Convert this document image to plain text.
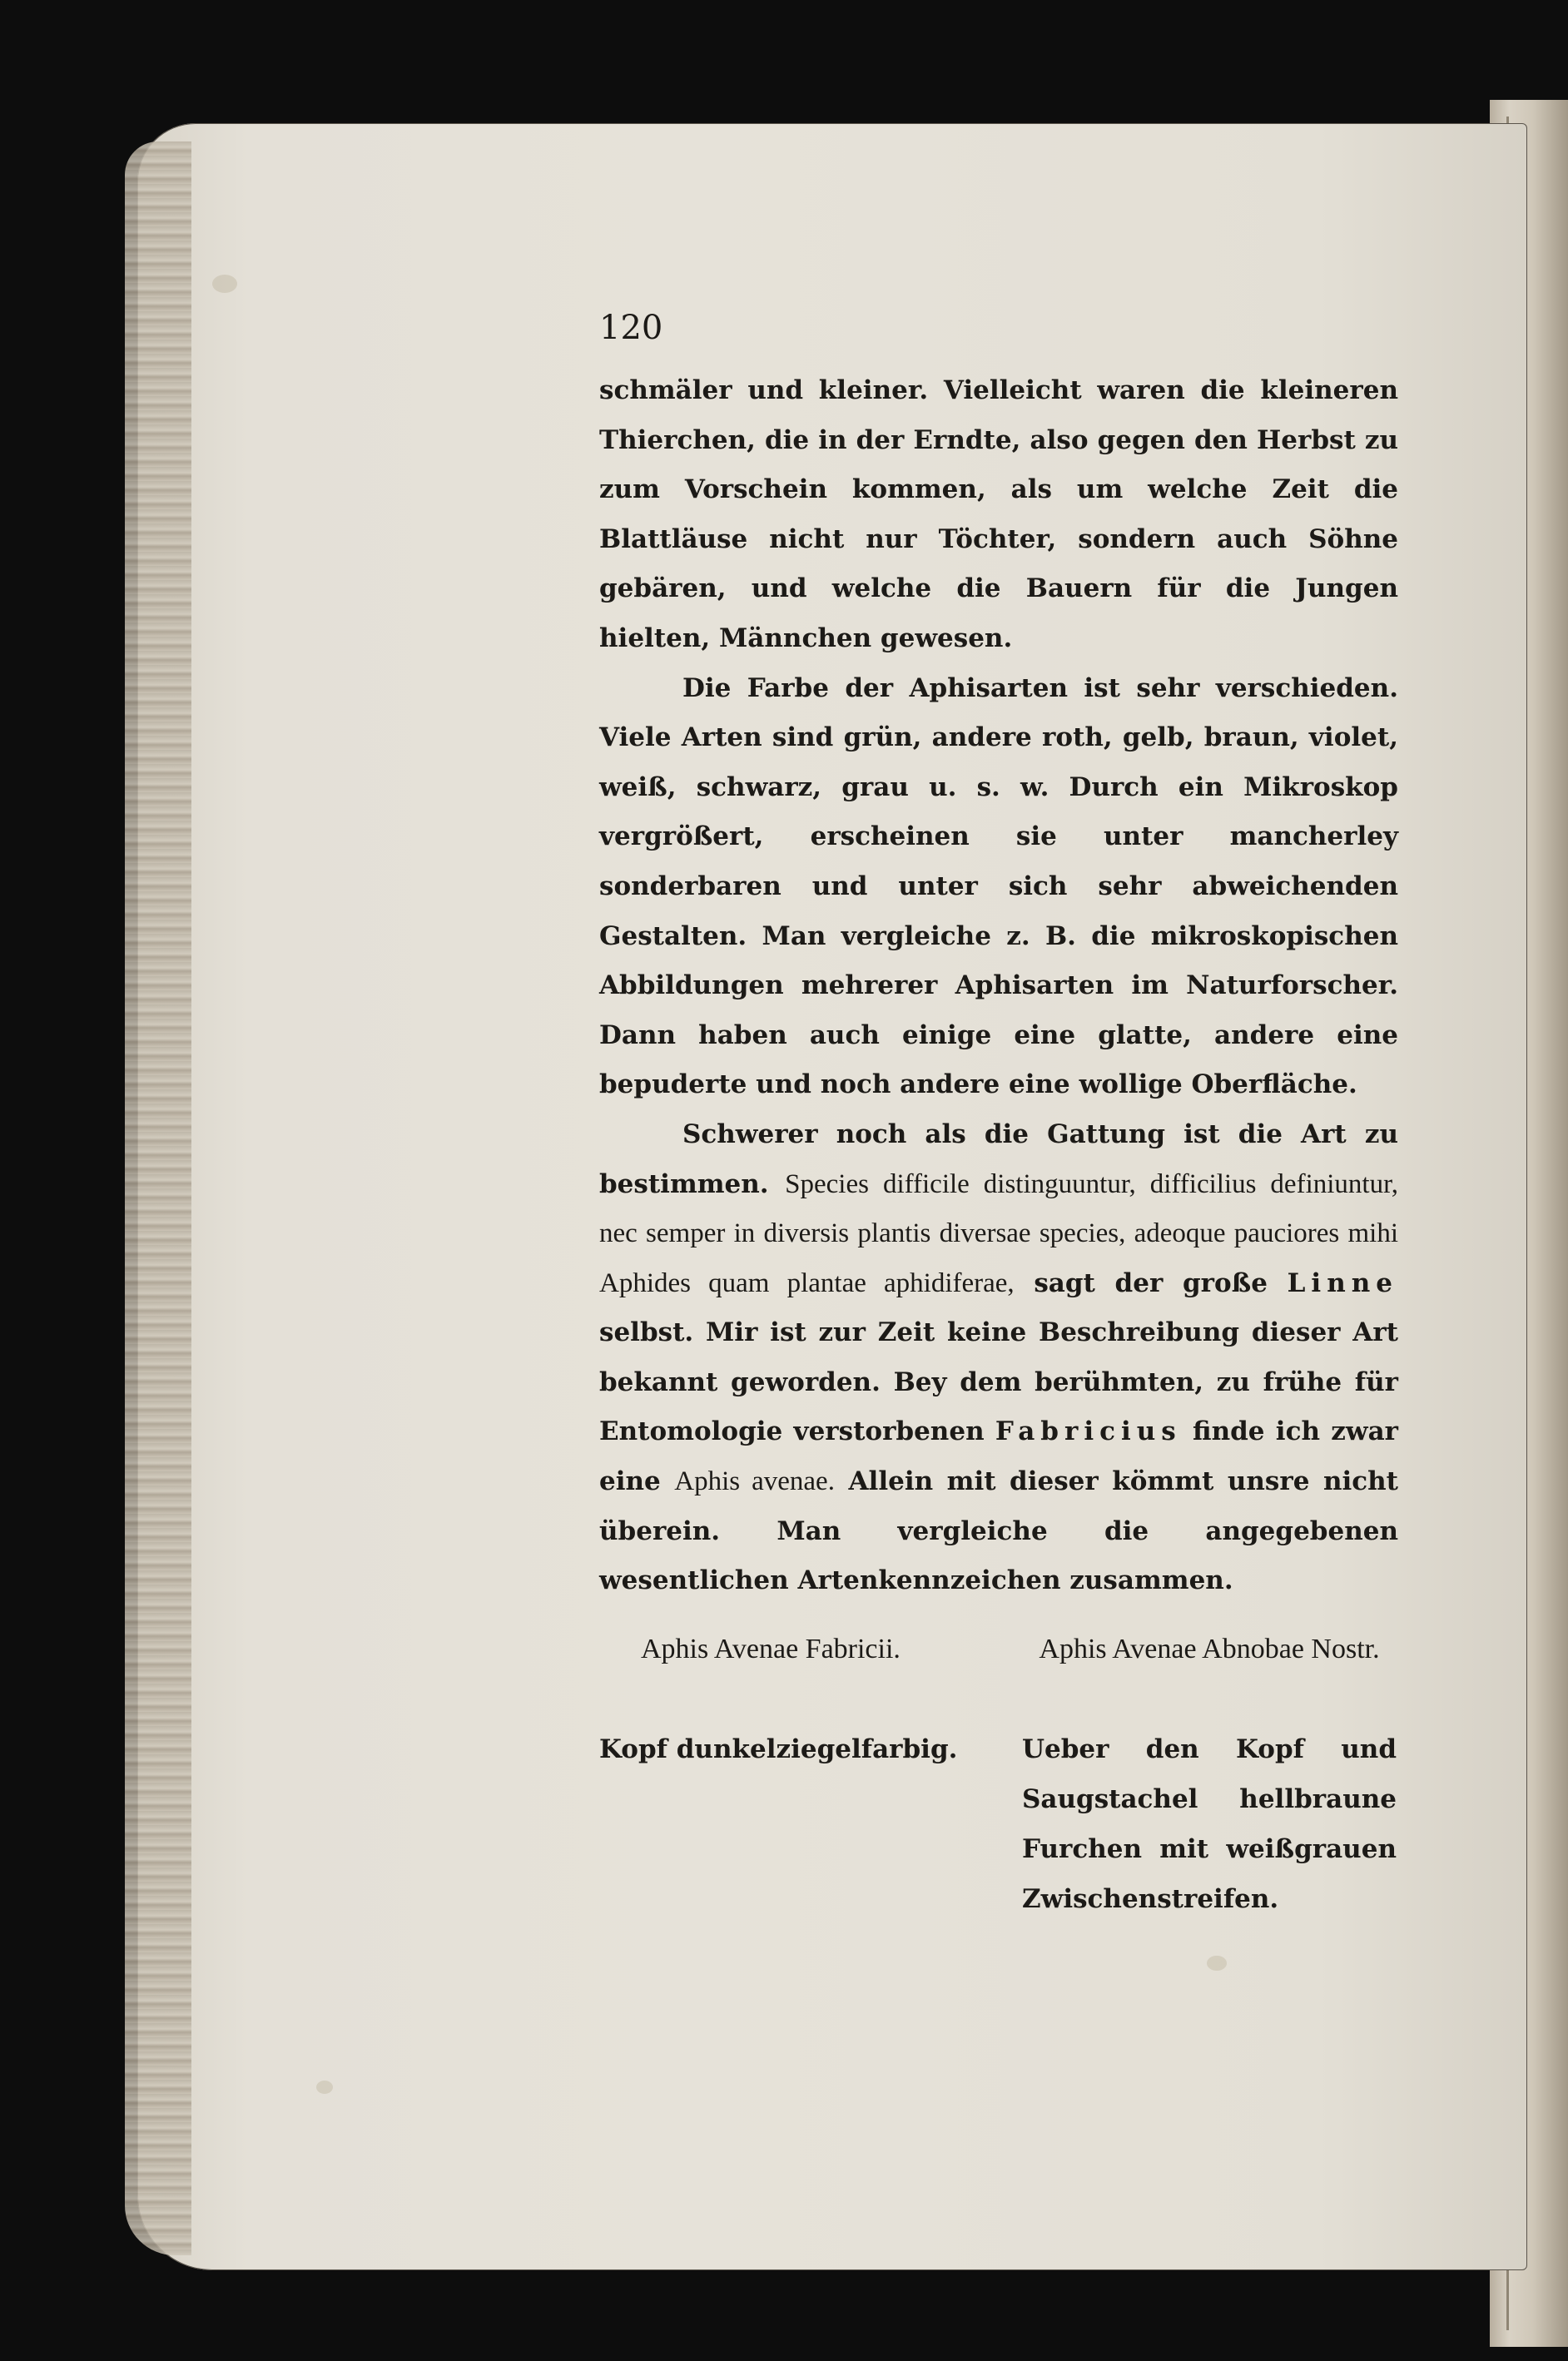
120

schmäler und kleiner. Vielleicht waren die kleineren Thierchen, die in der Erndte, also gegen den Herbst zu zum Vorschein kommen, als um welche Zeit die Blattläuse nicht nur Töchter, sondern auch Söhne gebären, und welche die Bauern für die Jungen hielten, Männchen gewesen.

Die Farbe der Aphisarten ist sehr verschieden. Viele Arten sind grün, andere roth, gelb, braun, violet, weiß, schwarz, grau u. s. w. Durch ein Mikroskop vergrößert, erscheinen sie unter mancherley sonderbaren und unter sich sehr abweichenden Gestalten. Man vergleiche z. B. die mikroskopischen Abbildungen mehrerer Aphisarten im Naturforscher. Dann haben auch einige eine glatte, andere eine bepuderte und noch andere eine wollige Oberfläche.

Schwerer noch als die Gattung ist die Art zu bestimmen. Species difficile distinguuntur, difficilius definiuntur, nec semper in diversis plantis diversae species, adeoque pauciores mihi Aphides quam plantae aphidiferae, sagt der große Linne selbst. Mir ist zur Zeit keine Beschreibung dieser Art bekannt geworden. Bey dem berühmten, zu frühe für Entomologie verstorbenen Fabricius finde ich zwar eine Aphis avenae. Allein mit dieser kömmt unsre nicht überein. Man vergleiche die angegebenen wesentlichen Artenkennzeichen zusammen.

Aphis Avenae Fabricii.

Kopf dunkelziegelfarbig.

Aphis Avenae Abnobae Nostr.

Ueber den Kopf und Saugstachel hellbraune Furchen mit weißgrauen Zwischenstreifen.
